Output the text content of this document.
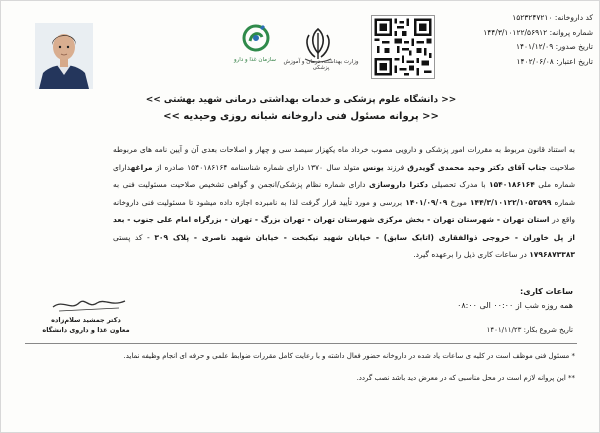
کد داروخانه: ۱۵۲۳۲۴۷۲۱۰
شماره پروانه: ۱۴۴/۳/۱۰۱۲۲/۵۶۹۱۲
تاریخ صدور: ۱۴۰۱/۱۲/۰۹
تاریخ اعتبار: ۱۴۰۲/۰۶/۰۸
وزارت بهداشت، درمان و آموزش پزشکی
سازمان غذا و دارو
<< دانشگاه علوم پزشکی و خدمات بهداشتی درمانی شهید بهشتی >>
<< پروانه مسئول فنی داروخانه شبانه روزی وحیدیه >>
به استناد قانون مربوط به مقررات امور پزشکی و دارویی مصوب خرداد ماه یکهزار سیصد سی و چهار و اصلاحات بعدی آن و آیین نامه های مربوطه صلاحیت جناب آقای دکتر وحید محمدی گویدرق فرزند یونس متولد سال ۱۳۷۰ دارای شماره شناسنامه ۱۵۴۰۱۸۶۱۶۴ صادره از مراغهدارای شماره ملی ۱۵۴۰۱۸۶۱۶۴ با مدرک تحصیلی دکترا داروسازی دارای شماره نظام پزشکی/انجمن و گواهی تشخیص صلاحیت مسئولیت فنی به شماره ۱۴۴/۳/۱۰۱۲۲/۱۰۵۳۵۹۹ مورخ ۱۴۰۱/۰۹/۰۹ بررسی و مورد تأیید قرار گرفت لذا به نامبرده اجازه داده میشود تا مسئولیت فنی داروخانه واقع در استان تهران - شهرستان تهران - بخش مرکزی شهرستان تهران - تهران بزرگ - تهران - بزرگراه امام علی جنوب - بعد از پل خاوران - خروجی ذوالفقاری (اتابک سابق) - خیابان شهید نیکبخت - خیابان شهید ناصری - پلاک ۳۰۹ - کد پستی ۱۷۹۶۸۷۳۳۸۳ در ساعات کاری ذیل را برعهده گیرد.
ساعات کاری:
همه روزه شب از ۰۰:۰۰ الی ۰۸:۰۰
تاریخ شروع بکار: ۱۴۰۱/۱۱/۲۳
دکتر جمشید سلام‌زاده
معاون غذا و داروی دانشگاه
* مسئول فنی موظف است در کلیه ی ساعات یاد شده در داروخانه حضور فعال داشته و با رعایت کامل مقررات ضوابط علمی و حرفه ای انجام وظیفه نماید.
** این پروانه لازم است در محل مناسبی که در معرض دید باشد نصب گردد.
